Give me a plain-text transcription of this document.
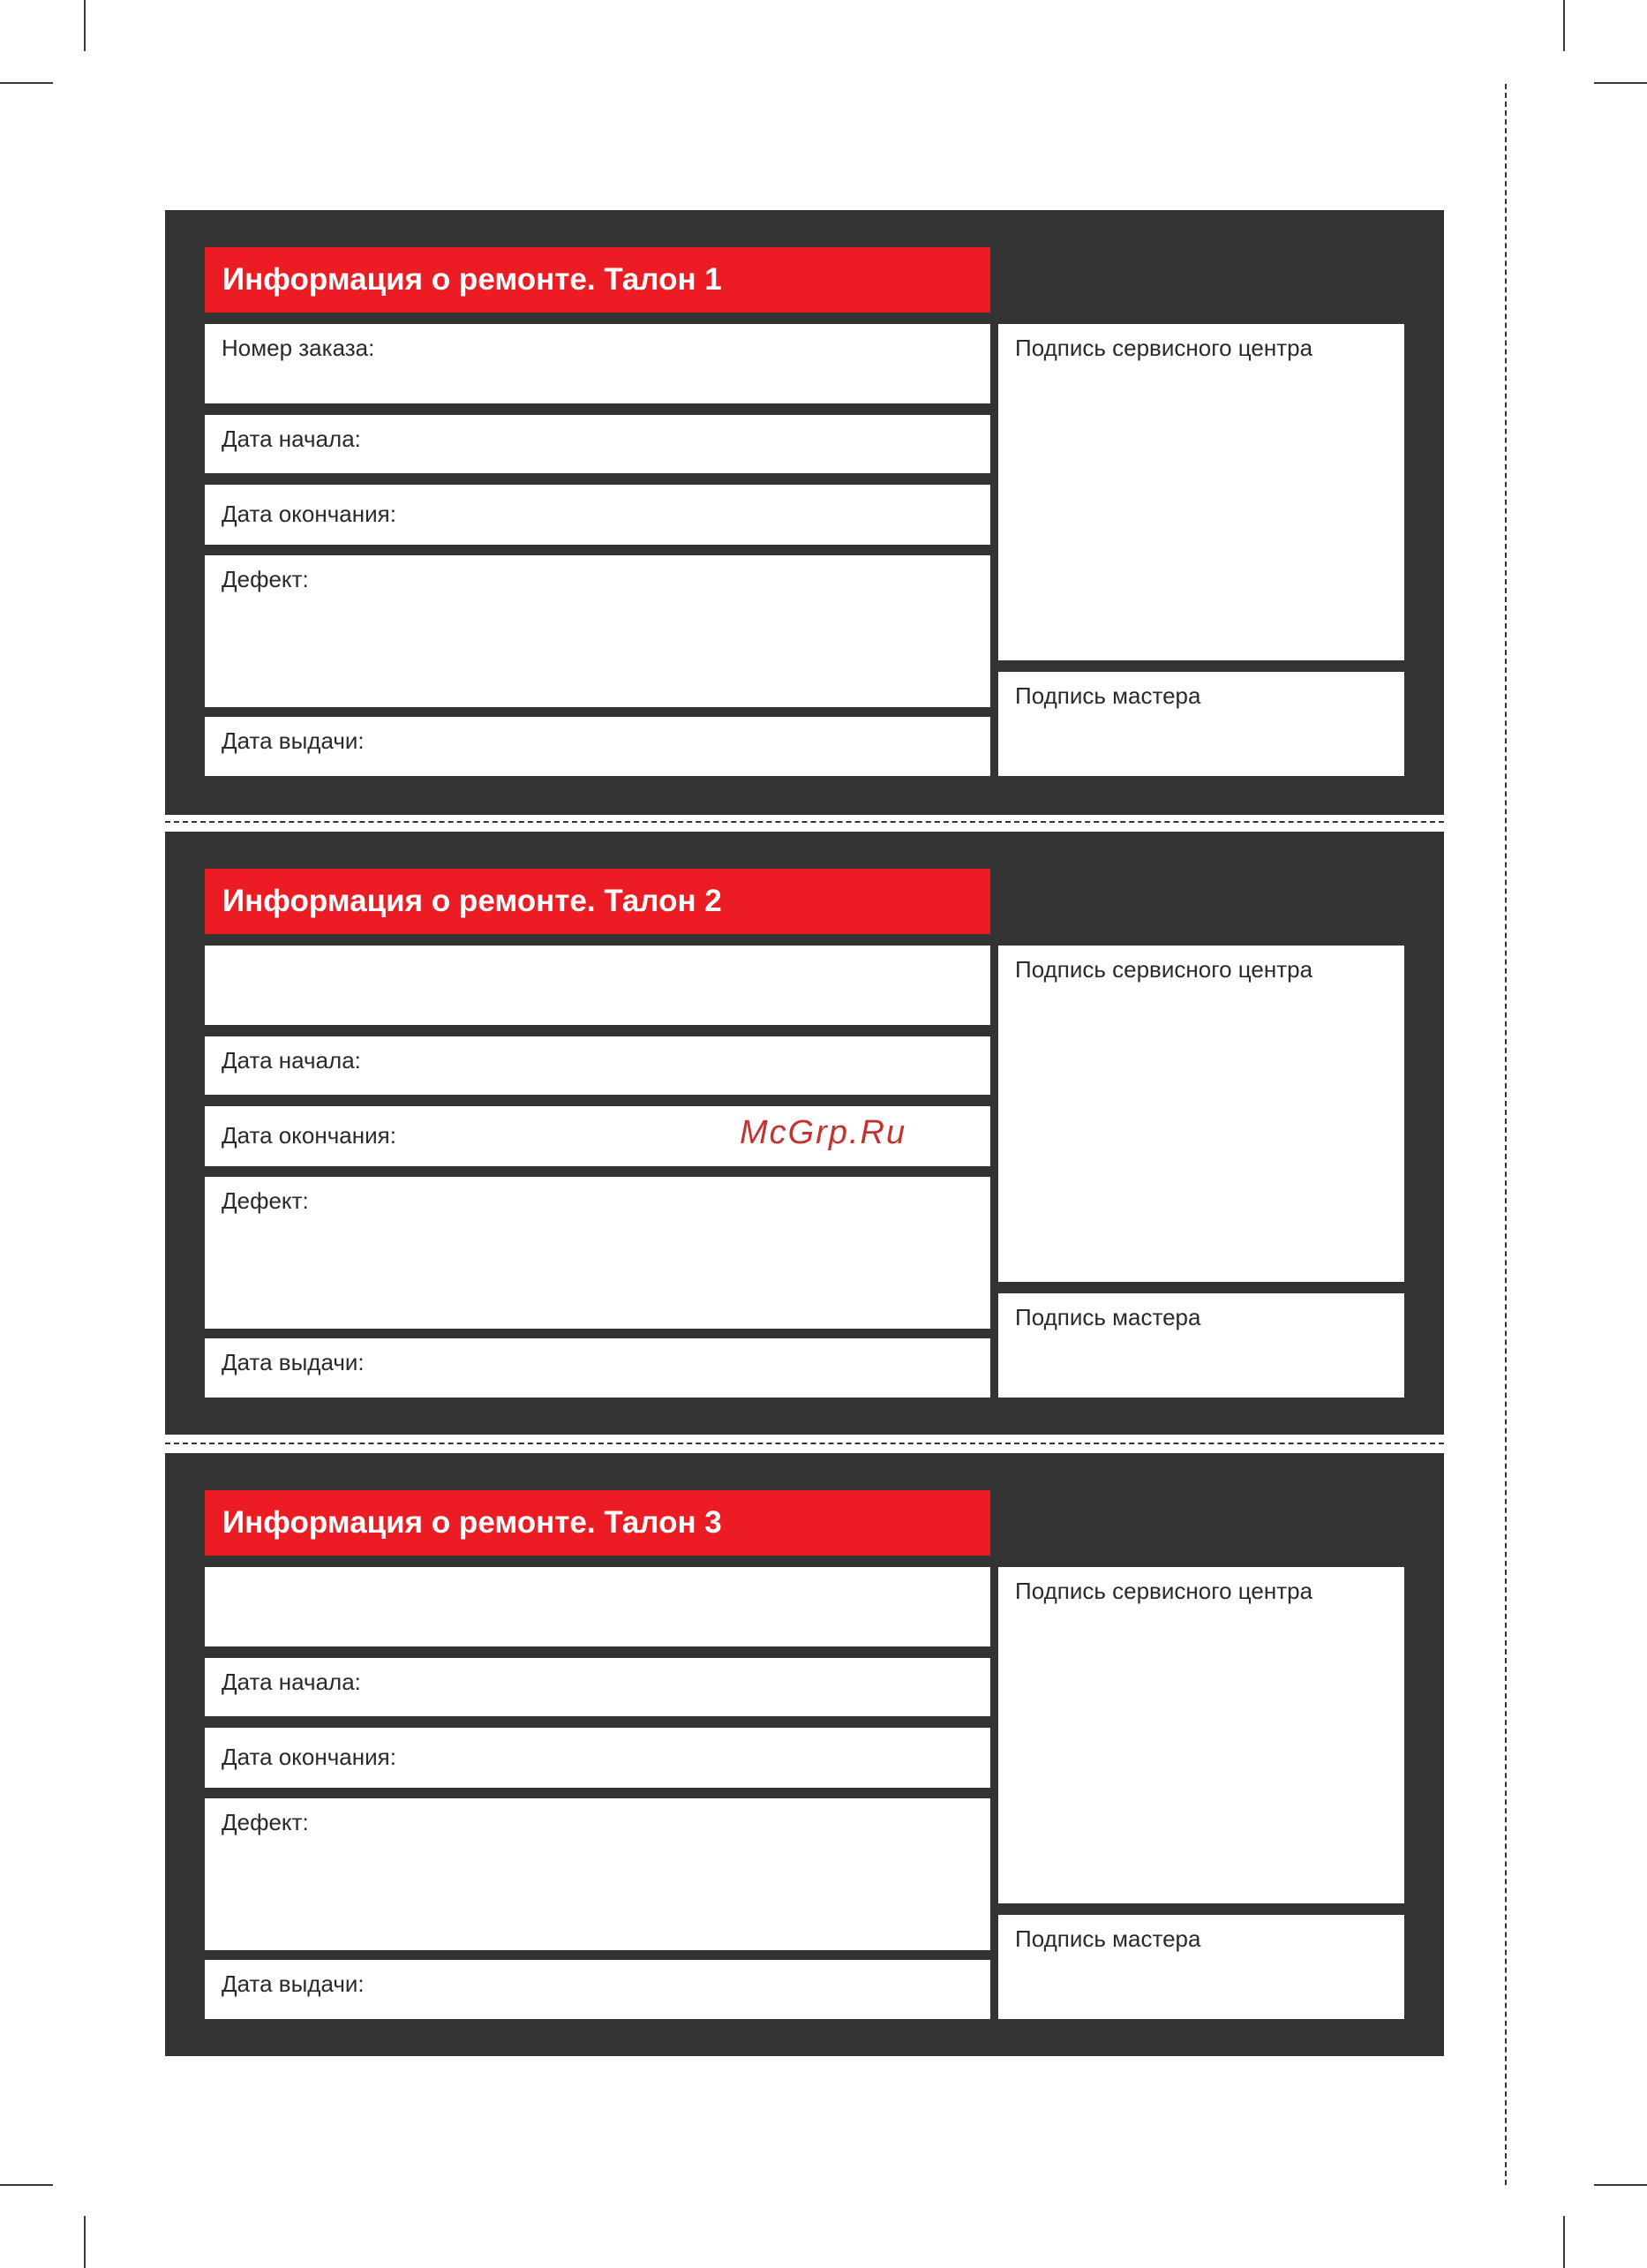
Информация о ремонте. Талон 1
Номер заказа:
Дата начала:
Дата окончания:
Дефект:
Дата выдачи:
Подпись сервисного центра
Подпись мастера
Информация о ремонте. Талон 2
Дата начала:
Дата окончания:
Дефект:
Дата выдачи:
Подпись сервисного центра
Подпись мастера
Информация о ремонте. Талон 3
Дата начала:
Дата окончания:
Дефект:
Дата выдачи:
Подпись сервисного центра
Подпись мастера
McGrp.Ru
